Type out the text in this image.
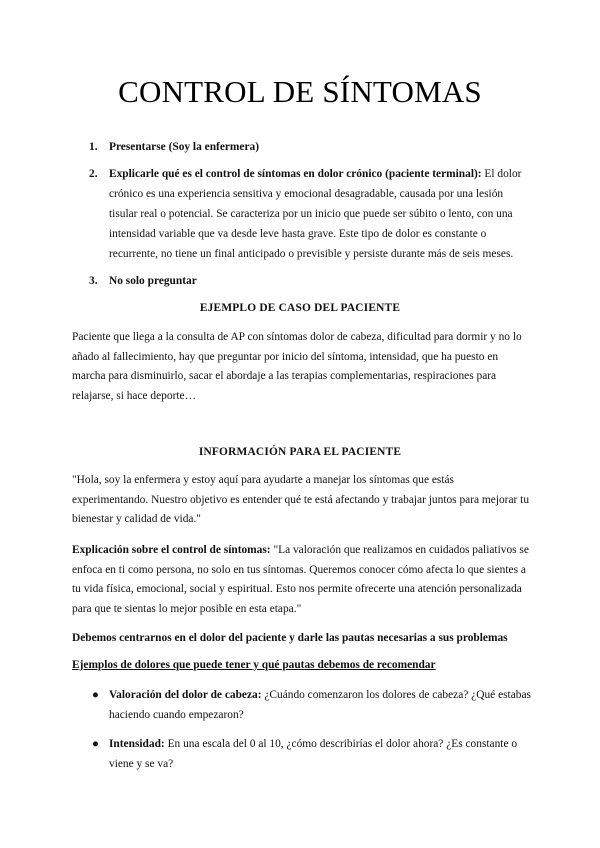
CONTROL DE SÍNTOMAS
1. Presentarse (Soy la enfermera)
2. Explicarle qué es el control de síntomas en dolor crónico (paciente terminal): El dolor crónico es una experiencia sensitiva y emocional desagradable, causada por una lesión tisular real o potencial. Se caracteriza por un inicio que puede ser súbito o lento, con una intensidad variable que va desde leve hasta grave. Este tipo de dolor es constante o recurrente, no tiene un final anticipado o previsible y persiste durante más de seis meses.
3. No solo preguntar
EJEMPLO DE CASO DEL PACIENTE
Paciente que llega a la consulta de AP con síntomas dolor de cabeza, dificultad para dormir y no lo añado al fallecimiento, hay que preguntar por inicio del síntoma, intensidad, que ha puesto en marcha para disminuirlo, sacar el abordaje a las terapias complementarias, respiraciones para relajarse, si hace deporte…
INFORMACIÓN PARA EL PACIENTE
"Hola, soy la enfermera y estoy aquí para ayudarte a manejar los síntomas que estás experimentando. Nuestro objetivo es entender qué te está afectando y trabajar juntos para mejorar tu bienestar y calidad de vida."
Explicación sobre el control de síntomas: "La valoración que realizamos en cuidados paliativos se enfoca en ti como persona, no solo en tus síntomas. Queremos conocer cómo afecta lo que sientes a tu vida física, emocional, social y espiritual. Esto nos permite ofrecerte una atención personalizada para que te sientas lo mejor posible en esta etapa."
Debemos centrarnos en el dolor del paciente y darle las pautas necesarias a sus problemas
Ejemplos de dolores que puede tener y qué pautas debemos de recomendar
● Valoración del dolor de cabeza: ¿Cuándo comenzaron los dolores de cabeza? ¿Qué estabas haciendo cuando empezaron?
● Intensidad: En una escala del 0 al 10, ¿cómo describirías el dolor ahora? ¿Es constante o viene y se va?
